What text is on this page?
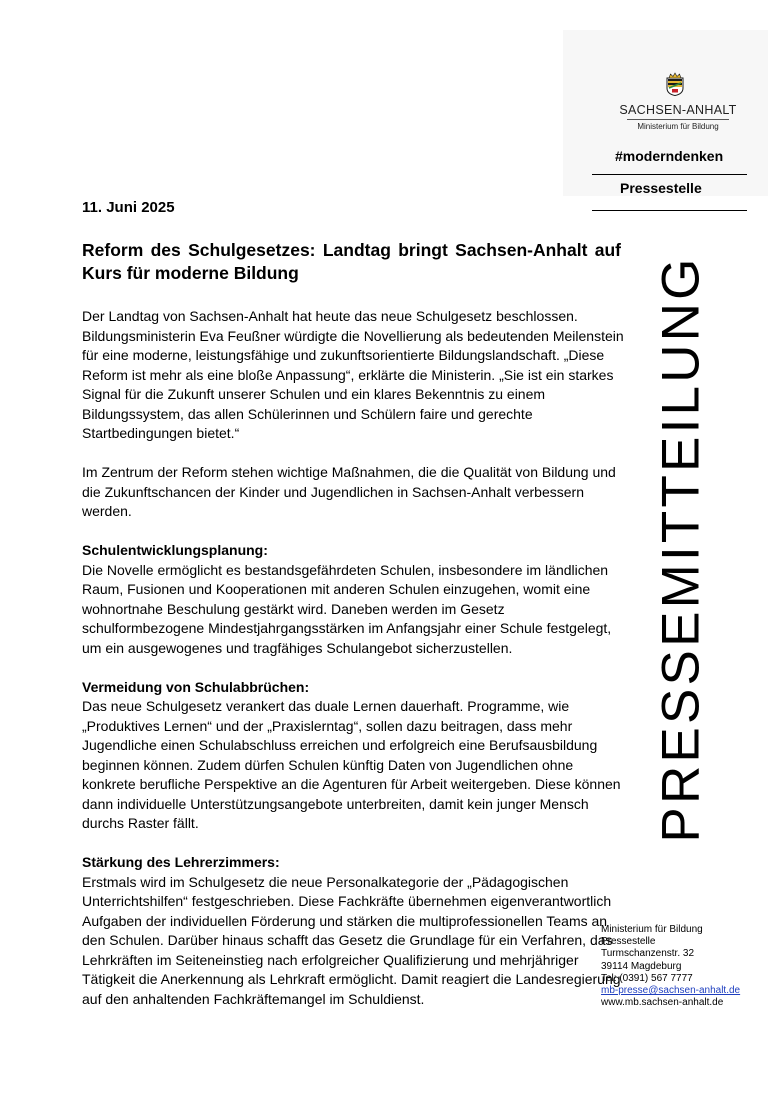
SACHSEN-ANHALT
Ministerium für Bildung
#moderndenken
Pressestelle
11. Juni 2025
Reform des Schulgesetzes: Landtag bringt Sachsen-Anhalt auf Kurs für moderne Bildung

Der Landtag von Sachsen-Anhalt hat heute das neue Schulgesetz beschlossen. Bildungsministerin Eva Feußner würdigte die Novellierung als bedeutenden Meilenstein für eine moderne, leistungsfähige und zukunftsorientierte Bildungslandschaft. „Diese Reform ist mehr als eine bloße Anpassung“, erklärte die Ministerin. „Sie ist ein starkes Signal für die Zukunft unserer Schulen und ein klares Bekenntnis zu einem Bildungssystem, das allen Schülerinnen und Schülern faire und gerechte Startbedingungen bietet.“

Im Zentrum der Reform stehen wichtige Maßnahmen, die die Qualität von Bildung und die Zukunftschancen der Kinder und Jugendlichen in Sachsen-Anhalt verbessern werden.

Schulentwicklungsplanung:

Die Novelle ermöglicht es bestandsgefährdeten Schulen, insbesondere im ländlichen Raum, Fusionen und Kooperationen mit anderen Schulen einzugehen, womit eine wohnortnahe Beschulung gestärkt wird. Daneben werden im Gesetz schulformbezogene Mindestjahrgangsstärken im Anfangsjahr einer Schule festgelegt, um ein ausgewogenes und tragfähiges Schulangebot sicherzustellen.

Vermeidung von Schulabbrüchen:

Das neue Schulgesetz verankert das duale Lernen dauerhaft. Programme, wie „Produktives Lernen“ und der „Praxislerntag“, sollen dazu beitragen, dass mehr Jugendliche einen Schulabschluss erreichen und erfolgreich eine Berufsausbildung beginnen können. Zudem dürfen Schulen künftig Daten von Jugendlichen ohne konkrete berufliche Perspektive an die Agenturen für Arbeit weitergeben. Diese können dann individuelle Unterstützungsangebote unterbreiten, damit kein junger Mensch durchs Raster fällt.

Stärkung des Lehrerzimmers:

Erstmals wird im Schulgesetz die neue Personalkategorie der „Pädagogischen Unterrichtshilfen“ festgeschrieben. Diese Fachkräfte übernehmen eigenverantwortlich Aufgaben der individuellen Förderung und stärken die multiprofessionellen Teams an den Schulen. Darüber hinaus schafft das Gesetz die Grundlage für ein Verfahren, das Lehrkräften im Seiteneinstieg nach erfolgreicher Qualifizierung und mehrjähriger Tätigkeit die Anerkennung als Lehrkraft ermöglicht. Damit reagiert die Landesregierung auf den anhaltenden Fachkräftemangel im Schuldienst.

PRESSEMITTEILUNG
Ministerium für Bildung
Pressestelle
Turmschanzenstr. 32
39114 Magdeburg
Tel: (0391) 567 7777
mb-presse@sachsen-anhalt.de
www.mb.sachsen-anhalt.de
